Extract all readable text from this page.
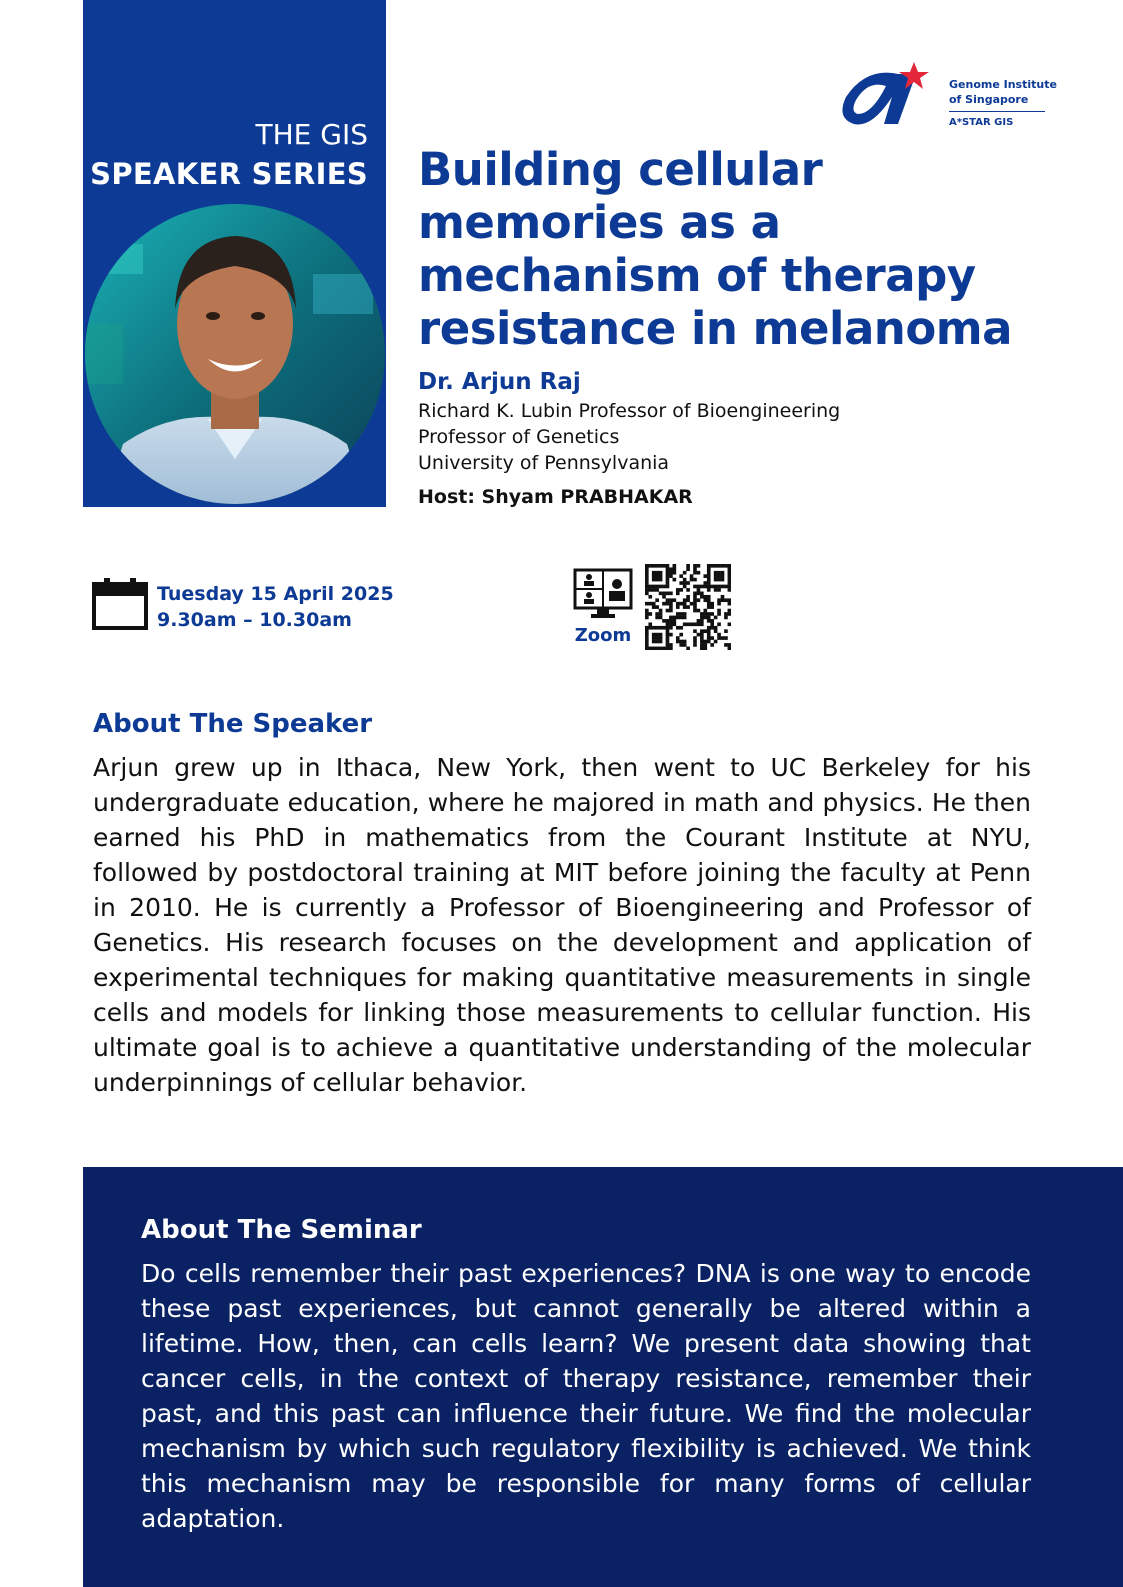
THE GIS
SPEAKER SERIES
Genome Institute
of Singapore
A*STAR GIS
Building cellular memories as a mechanism of therapy resistance in melanoma
Dr. Arjun Raj
Richard K. Lubin Professor of Bioengineering
Professor of Genetics
University of Pennsylvania
Host: Shyam PRABHAKAR
Tuesday 15 April 2025
9.30am – 10.30am
Zoom
About The Speaker

Arjun grew up in Ithaca, New York, then went to UC Berkeley for his undergraduate education, where he majored in math and physics. He then earned his PhD in mathematics from the Courant Institute at NYU, followed by postdoctoral training at MIT before joining the faculty at Penn in 2010. He is currently a Professor of Bioengineering and Professor of Genetics. His research focuses on the development and application of experimental techniques for making quantitative measurements in single cells and models for linking those measurements to cellular function. His ultimate goal is to achieve a quantitative understanding of the molecular underpinnings of cellular behavior.

About The Seminar

Do cells remember their past experiences? DNA is one way to encode these past experiences, but cannot generally be altered within a lifetime. How, then, can cells learn? We present data showing that cancer cells, in the context of therapy resistance, remember their past, and this past can influence their future. We find the molecular mechanism by which such regulatory flexibility is achieved. We think this mechanism may be responsible for many forms of cellular adaptation.
